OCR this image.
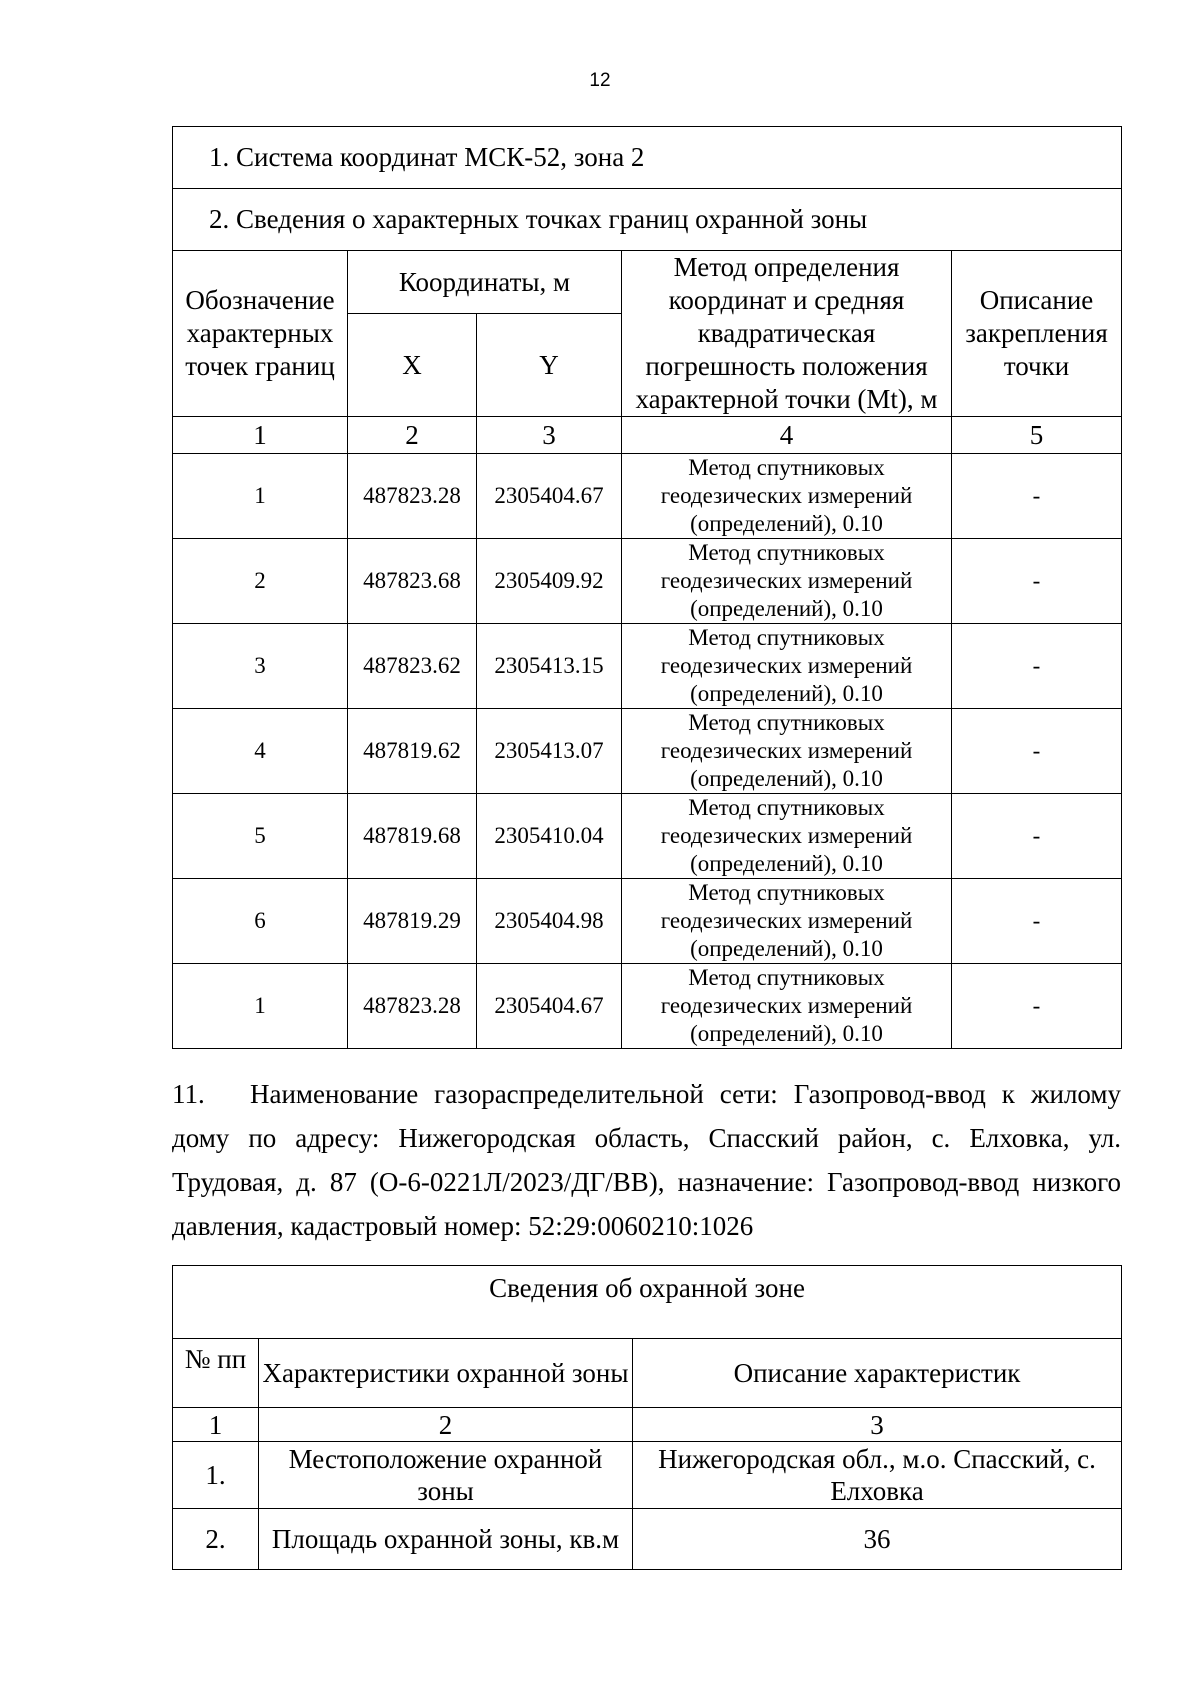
12
1. Система координат МСК-52, зона 2				
2. Сведения о характерных точках границ охранной зоны				
Обозначение характерных точек границ	Координаты, м		Метод определения координат и средняя квадратическая погрешность положения характерной точки (Mt), м	Описание закрепления точки
	X	Y		
1	2	3	4	5
1	487823.28	2305404.67	Метод спутниковых геодезических измерений (определений), 0.10	-
2	487823.68	2305409.92	Метод спутниковых геодезических измерений (определений), 0.10	-
3	487823.62	2305413.15	Метод спутниковых геодезических измерений (определений), 0.10	-
4	487819.62	2305413.07	Метод спутниковых геодезических измерений (определений), 0.10	-
5	487819.68	2305410.04	Метод спутниковых геодезических измерений (определений), 0.10	-
6	487819.29	2305404.98	Метод спутниковых геодезических измерений (определений), 0.10	-
1	487823.28	2305404.67	Метод спутниковых геодезических измерений (определений), 0.10	-

11. Наименование газораспределительной сети: Газопровод-ввод к жилому дому по адресу: Нижегородская область, Спасский район, с. Елховка, ул. Трудовая, д. 87 (О-6-0221Л/2023/ДГ/ВВ), назначение: Газопровод-ввод низкого давления, кадастровый номер: 52:29:0060210:1026

Сведения об охранной зоне		
№ пп	Характеристики охранной зоны	Описание характеристик
1	2	3
1.	Местоположение охранной зоны	Нижегородская обл., м.о. Спасский, с. Елховка
2.	Площадь охранной зоны, кв.м	36
